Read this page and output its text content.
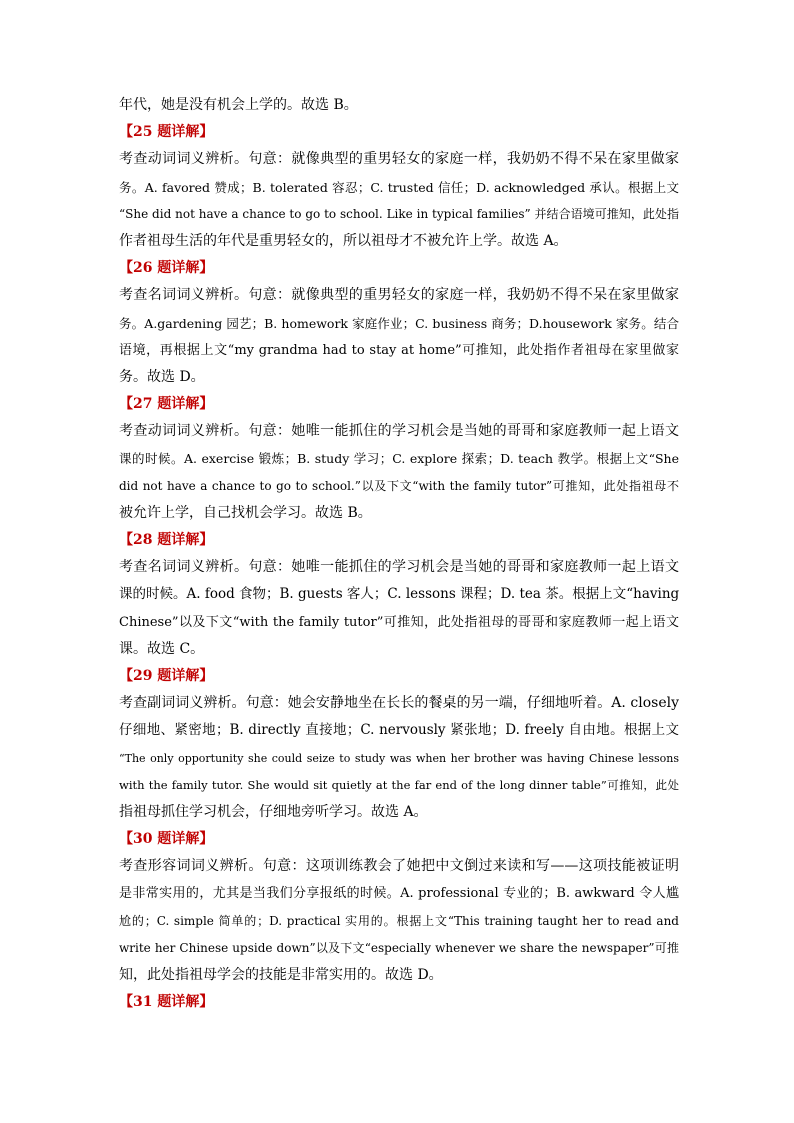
年代，她是没有机会上学的。故选 B。
【25 题详解】
考查动词词义辨析。句意：就像典型的重男轻女的家庭一样，我奶奶不得不呆在家里做家
务。A. favored 赞成；B. tolerated 容忍；C. trusted 信任；D. acknowledged 承认。根据上文
“She did not have a chance to go to school. Like in typical families” 并结合语境可推知，此处指
作者祖母生活的年代是重男轻女的，所以祖母才不被允许上学。故选 A。
【26 题详解】
考查名词词义辨析。句意：就像典型的重男轻女的家庭一样，我奶奶不得不呆在家里做家
务。A.gardening 园艺；B. homework 家庭作业；C. business 商务；D.housework 家务。结合
语境，再根据上文“my grandma had to stay at home”可推知，此处指作者祖母在家里做家
务。故选 D。
【27 题详解】
考查动词词义辨析。句意：她唯一能抓住的学习机会是当她的哥哥和家庭教师一起上语文
课的时候。A. exercise 锻炼；B. study 学习；C. explore 探索；D. teach 教学。根据上文“She
did not have a chance to go to school.”以及下文“with the family tutor”可推知，此处指祖母不
被允许上学，自己找机会学习。故选 B。
【28 题详解】
考查名词词义辨析。句意：她唯一能抓住的学习机会是当她的哥哥和家庭教师一起上语文
课的时候。A. food 食物；B. guests 客人；C. lessons 课程；D. tea 茶。根据上文“having
Chinese”以及下文“with the family tutor”可推知，此处指祖母的哥哥和家庭教师一起上语文
课。故选 C。
【29 题详解】
考查副词词义辨析。句意：她会安静地坐在长长的餐桌的另一端，仔细地听着。A. closely
仔细地、紧密地；B. directly 直接地；C. nervously 紧张地；D. freely 自由地。根据上文
“The only opportunity she could seize to study was when her brother was having Chinese lessons
with the family tutor. She would sit quietly at the far end of the long dinner table”可推知，此处
指祖母抓住学习机会，仔细地旁听学习。故选 A。
【30 题详解】
考查形容词词义辨析。句意：这项训练教会了她把中文倒过来读和写——这项技能被证明
是非常实用的，尤其是当我们分享报纸的时候。A. professional 专业的；B. awkward 令人尴
尬的；C. simple 简单的；D. practical 实用的。根据上文“This training taught her to read and
write her Chinese upside down”以及下文“especially whenever we share the newspaper”可推
知，此处指祖母学会的技能是非常实用的。故选 D。
【31 题详解】
